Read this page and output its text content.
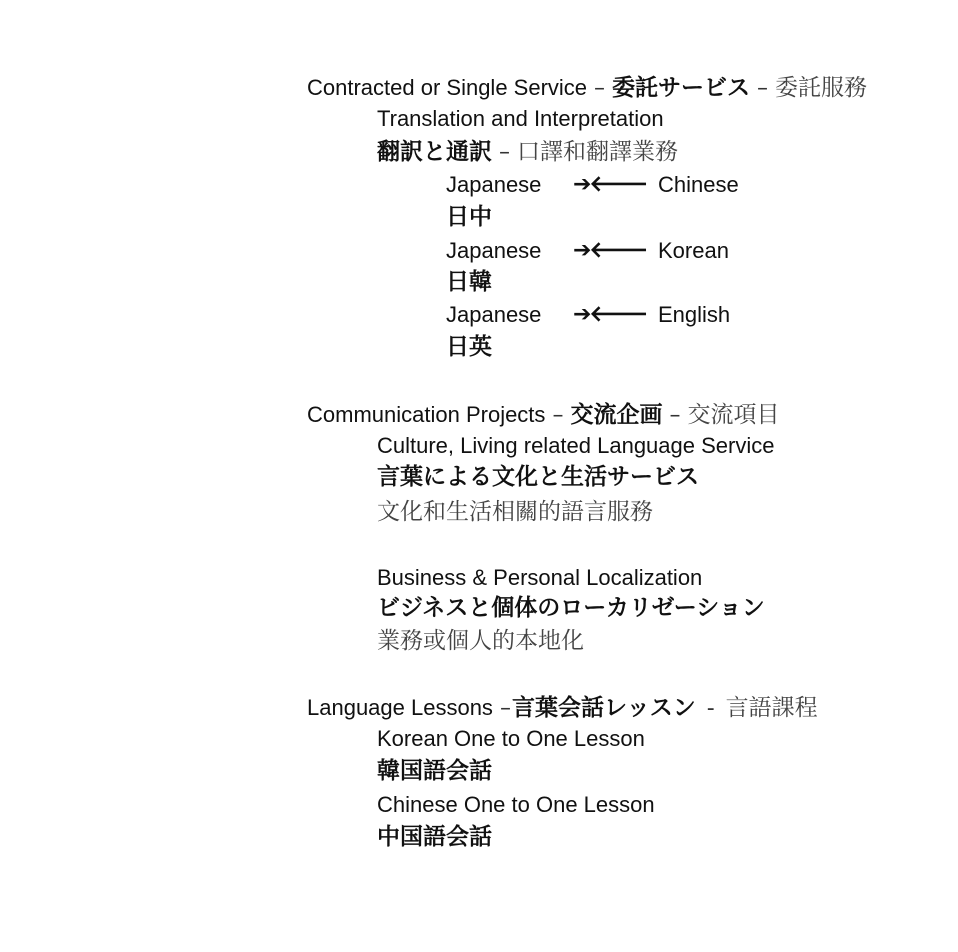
Contracted or Single Service – 委託サービス – 委託服務
Translation and Interpretation
翻訳と通訳 – 口譯和翻譯業務
Japanese ➔🡐 Chinese
日中
Japanese ➔🡐 Korean
日韓
Japanese ➔🡐 English
日英
Communication Projects – 交流企画 – 交流項目
Culture, Living related Language Service
言葉による文化と生活サービス
文化和生活相關的語言服務
Business & Personal Localization
ビジネスと個体のローカリゼーション
業務或個人的本地化
Language Lessons – 言葉会話レッスン - 言語課程
Korean One to One Lesson
韓国語会話
Chinese One to One Lesson
中国語会話
